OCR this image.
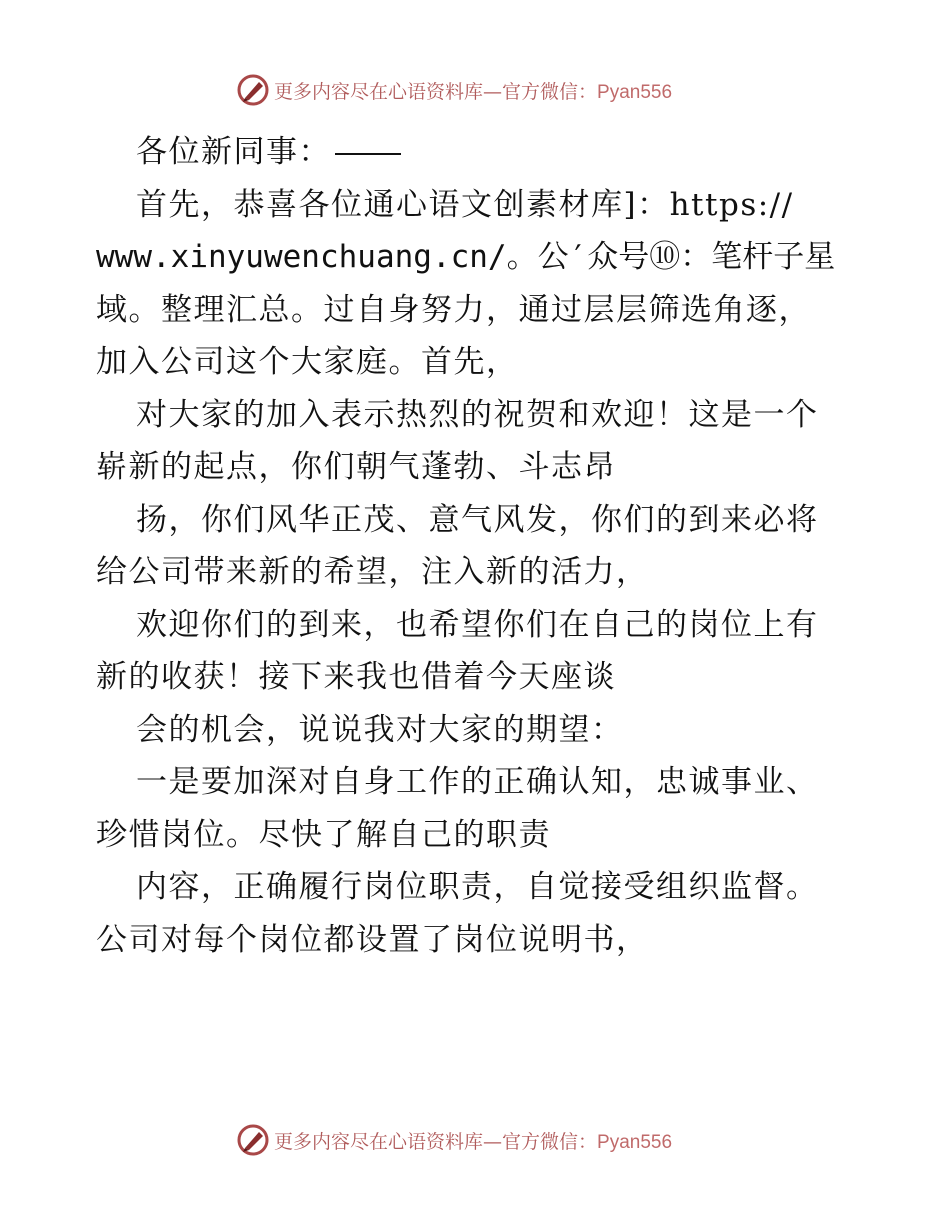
更多内容尽在心语资料库—官方微信：Pyan556
各位新同事：
首先，恭喜各位通心语文创素材库]：https://
www.xinyuwenchuang.cn/。公′众号⑩：笔杆子星
域。整理汇总。过自身努力，通过层层筛选角逐，
加入公司这个大家庭。首先，
对大家的加入表示热烈的祝贺和欢迎！这是一个
崭新的起点，你们朝气蓬勃、斗志昂
扬，你们风华正茂、意气风发，你们的到来必将
给公司带来新的希望，注入新的活力，
欢迎你们的到来，也希望你们在自己的岗位上有
新的收获！接下来我也借着今天座谈
会的机会，说说我对大家的期望：
一是要加深对自身工作的正确认知，忠诚事业、
珍惜岗位。尽快了解自己的职责
内容，正确履行岗位职责，自觉接受组织监督。
公司对每个岗位都设置了岗位说明书，
更多内容尽在心语资料库—官方微信：Pyan556
